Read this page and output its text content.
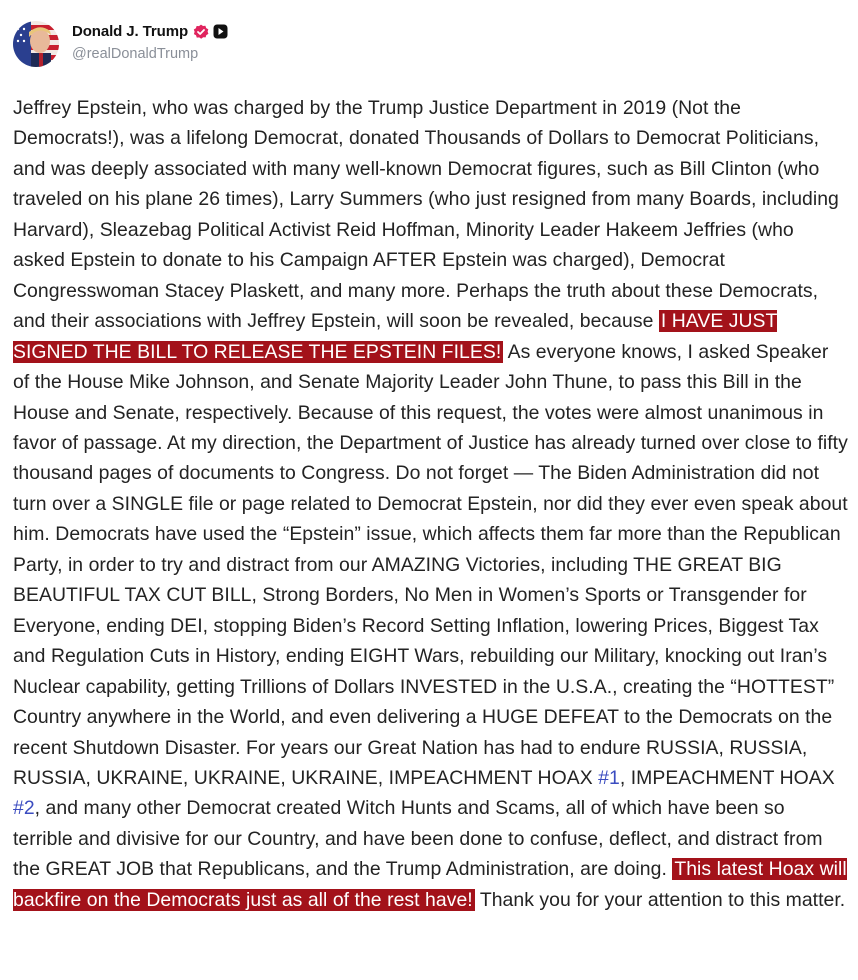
Donald J. Trump
@realDonaldTrump

Jeffrey Epstein, who was charged by the Trump Justice Department in 2019 (Not the Democrats!), was a lifelong Democrat, donated Thousands of Dollars to Democrat Politicians, and was deeply associated with many well-known Democrat figures, such as Bill Clinton (who traveled on his plane 26 times), Larry Summers (who just resigned from many Boards, including Harvard), Sleazebag Political Activist Reid Hoffman, Minority Leader Hakeem Jeffries (who asked Epstein to donate to his Campaign AFTER Epstein was charged), Democrat Congresswoman Stacey Plaskett, and many more. Perhaps the truth about these Democrats, and their associations with Jeffrey Epstein, will soon be revealed, because I HAVE JUST SIGNED THE BILL TO RELEASE THE EPSTEIN FILES! As everyone knows, I asked Speaker of the House Mike Johnson, and Senate Majority Leader John Thune, to pass this Bill in the House and Senate, respectively. Because of this request, the votes were almost unanimous in favor of passage. At my direction, the Department of Justice has already turned over close to fifty thousand pages of documents to Congress. Do not forget — The Biden Administration did not turn over a SINGLE file or page related to Democrat Epstein, nor did they ever even speak about him. Democrats have used the “Epstein” issue, which affects them far more than the Republican Party, in order to try and distract from our AMAZING Victories, including THE GREAT BIG BEAUTIFUL TAX CUT BILL, Strong Borders, No Men in Women’s Sports or Transgender for Everyone, ending DEI, stopping Biden’s Record Setting Inflation, lowering Prices, Biggest Tax and Regulation Cuts in History, ending EIGHT Wars, rebuilding our Military, knocking out Iran’s Nuclear capability, getting Trillions of Dollars INVESTED in the U.S.A., creating the “HOTTEST” Country anywhere in the World, and even delivering a HUGE DEFEAT to the Democrats on the recent Shutdown Disaster. For years our Great Nation has had to endure RUSSIA, RUSSIA, RUSSIA, UKRAINE, UKRAINE, UKRAINE, IMPEACHMENT HOAX #1, IMPEACHMENT HOAX #2, and many other Democrat created Witch Hunts and Scams, all of which have been so terrible and divisive for our Country, and have been done to confuse, deflect, and distract from the GREAT JOB that Republicans, and the Trump Administration, are doing. This latest Hoax will backfire on the Democrats just as all of the rest have! Thank you for your attention to this matter.
